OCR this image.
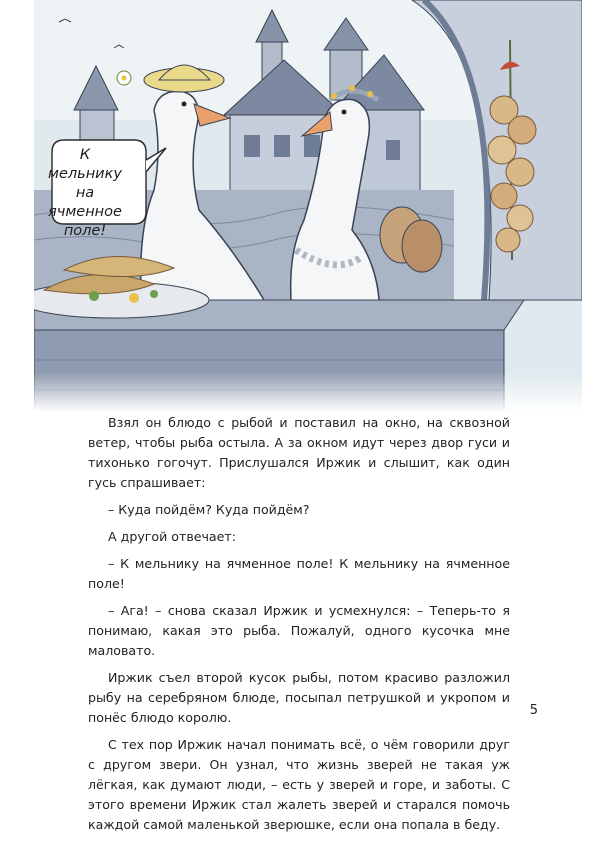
К мельнику
на ячменное
поле!

Взял он блюдо с рыбой и поставил на окно, на сквозной ветер, чтобы рыба остыла. А за окном идут через двор гуси и тихонько гогочут. Прислушался Иржик и слышит, как один гусь спрашивает:

– Куда пойдём? Куда пойдём?

А другой отвечает:

– К мельнику на ячменное поле! К мельнику на ячменное поле!

– Ага! – снова сказал Иржик и усмехнулся: – Теперь-то я понимаю, какая это рыба. Пожалуй, одного кусочка мне маловато.

Иржик съел второй кусок рыбы, потом красиво разложил рыбу на серебряном блюде, посыпал петрушкой и укропом и понёс блюдо королю.

С тех пор Иржик начал понимать всё, о чём говорили друг с другом звери. Он узнал, что жизнь зверей не такая уж лёгкая, как думают люди, – есть у зверей и горе, и заботы. С этого времени Иржик стал жалеть зверей и старался помочь каждой самой маленькой зверюшке, если она попала в беду.

5
